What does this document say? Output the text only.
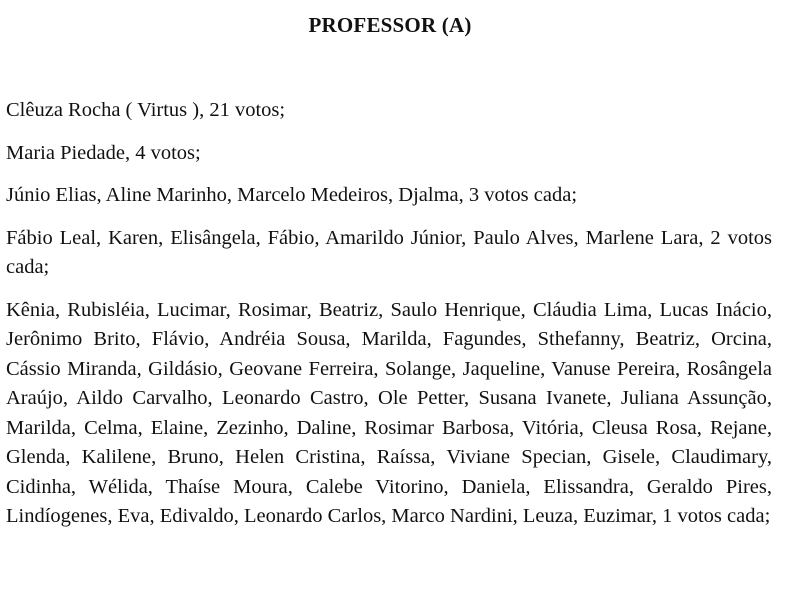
PROFESSOR (A)

Clêuza Rocha ( Virtus ), 21 votos;

Maria Piedade, 4 votos;

Júnio Elias, Aline Marinho, Marcelo Medeiros, Djalma, 3 votos cada;

Fábio Leal, Karen, Elisângela, Fábio, Amarildo Júnior, Paulo Alves, Marlene Lara, 2 votos cada;

Kênia, Rubisléia, Lucimar, Rosimar, Beatriz, Saulo Henrique, Cláudia Lima, Lucas Inácio, Jerônimo Brito, Flávio, Andréia Sousa, Marilda, Fagundes, Sthefanny, Beatriz, Orcina, Cássio Miranda, Gildásio, Geovane Ferreira, Solange, Jaqueline, Vanuse Pereira, Rosângela Araújo, Aildo Carvalho, Leonardo Castro, Ole Petter, Susana Ivanete, Juliana Assunção, Marilda, Celma, Elaine, Zezinho, Daline, Rosimar Barbosa, Vitória, Cleusa Rosa, Rejane, Glenda, Kalilene, Bruno, Helen Cristina, Raíssa, Viviane Specian, Gisele, Claudimary, Cidinha, Wélida, Thaíse Moura, Calebe Vitorino, Daniela, Elissandra, Geraldo Pires, Lindíogenes, Eva, Edivaldo, Leonardo Carlos, Marco Nardini, Leuza, Euzimar, 1 votos cada;
